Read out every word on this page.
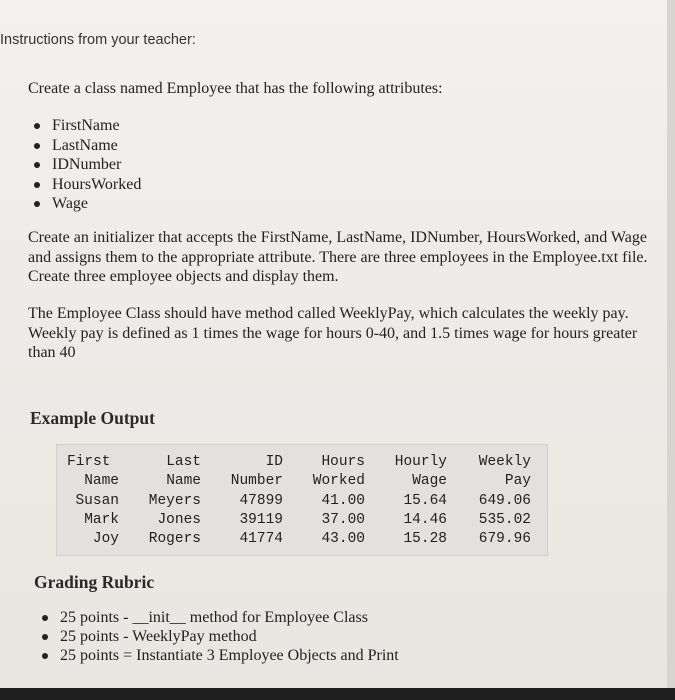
Instructions from your teacher:
Create a class named Employee that has the following attributes:
FirstName
LastName
IDNumber
HoursWorked
Wage

Create an initializer that accepts the FirstName, LastName, IDNumber, HoursWorked, and Wage and assigns them to the appropriate attribute. There are three employees in the Employee.txt file. Create three employee objects and display them.

The Employee Class should have method called WeeklyPay, which calculates the weekly pay.
Weekly pay is defined as 1 times the wage for hours 0-40, and 1.5 times wage for hours greater than 40
Example Output
First
Name
Susan
Mark
Joy
Last
Name
Meyers
Jones
Rogers
ID
Number
47899
39119
41774
Hours
Worked
41.00
37.00
43.00
Hourly
Wage
15.64
14.46
15.28
Weekly
Pay
649.06
535.02
679.96
Grading Rubric
25 points - __init__ method for Employee Class
25 points - WeeklyPay method
25 points = Instantiate 3 Employee Objects and Print
